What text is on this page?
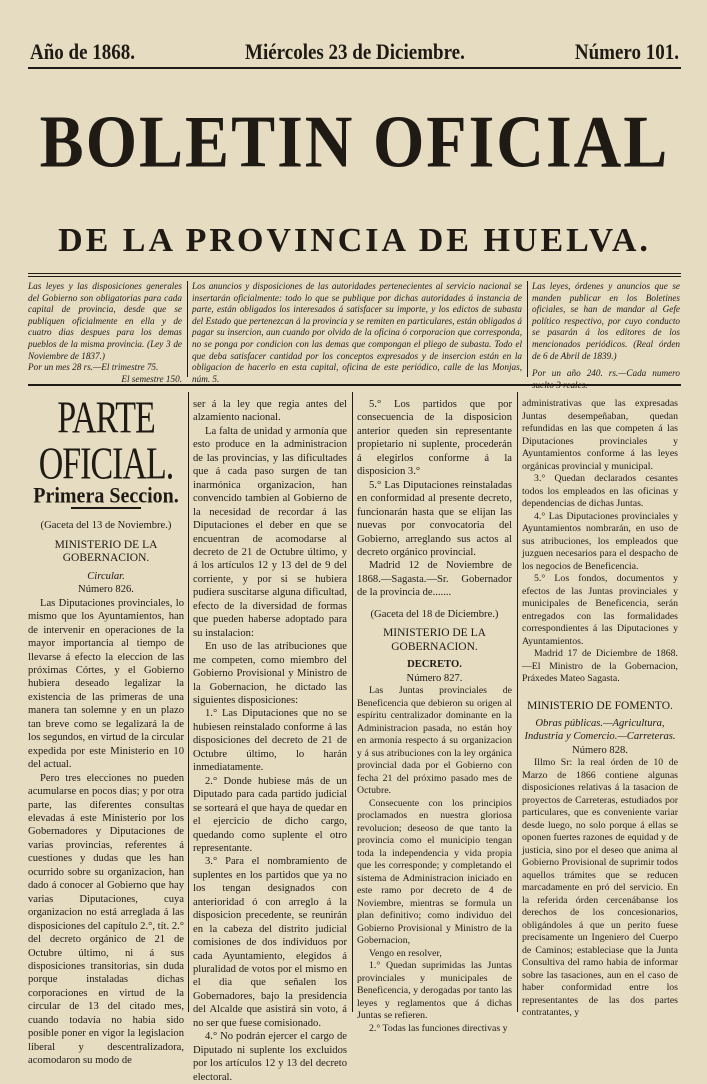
Año de 1868.	Miércoles 23 de Diciembre.	Número 101.
BOLETIN OFICIAL
DE LA PROVINCIA DE HUELVA.
Las leyes y las disposiciones generales del Gobierno son obligatorias para cada capital de provincia, desde que se publiquen oficialmente en ella y de cuatro dias despues para los demas pueblos de la misma provincia. (Ley 3 de Noviembre de 1837.)
Por un mes 28 rs.—El trimestre 75.
El semestre 150.
Los anuncios y disposiciones de las autoridades pertenecientes al servicio nacional se insertarán oficialmente: todo lo que se publique por dichas autoridades á instancia de parte, están obligados los interesados á satisfacer su importe, y los edictos de subasta del Estado que pertenezcan á la provincia y se remiten en particulares, están obligados á pagar su insercion, aun cuando por olvido de la oficina ó corporacion que corresponda, no se ponga por condicion con las demas que compongan el pliego de subasta. Todo el que deba satisfacer cantidad por los conceptos expresados y de insercion están en la obligacion de hacerlo en esta capital, oficina de este periódico, calle de las Monjas, núm. 5.
Las leyes, órdenes y anuncios que se manden publicar en los Boletines oficiales, se han de mandar al Gefe político respectivo, por cuyo conducto se pasarán á los editores de los mencionados periódicos. (Real órden de 6 de Abril de 1839.)
Por un año 240. rs.—Cada numero suelto 3 reales.
PARTE OFICIAL.
Primera Seccion.

(Gaceta del 13 de Noviembre.)

MINISTERIO DE LA GOBERNACION.

Circular.

Número 826.

Las Diputaciones provinciales, lo mismo que los Ayuntamientos, han de intervenir en operaciones de la mayor importancia al tiempo de llevarse á efecto la eleccion de las próximas Córtes, y el Gobierno hubiera deseado legalizar la existencia de las primeras de una manera tan solemne y en un plazo tan breve como se legalizará la de los segundos, en virtud de la circular expedida por este Ministerio en 10 del actual.

Pero tres elecciones no pueden acumularse en pocos dias; y por otra parte, las diferentes consultas elevadas á este Ministerio por los Gobernadores y Diputaciones de varias provincias, referentes á cuestiones y dudas que les han ocurrido sobre su organizacion, han dado á conocer al Gobierno que hay varias Diputaciones, cuya organizacion no está arreglada á las disposiciones del capítulo 2.°, tít. 2.° del decreto orgánico de 21 de Octubre último, ni á sus disposiciones transitorias, sin duda porque instaladas dichas corporaciones en virtud de la circular de 13 del citado mes, cuando todavía no habia sido posible poner en vigor la legislacion liberal y descentralizadora, acomodaron su modo de

ser á la ley que regia antes del alzamiento nacional.

La falta de unidad y armonía que esto produce en la administracion de las provincias, y las dificultades que á cada paso surgen de tan inarmónica organizacion, han convencido tambien al Gobierno de la necesidad de recordar á las Diputaciones el deber en que se encuentran de acomodarse al decreto de 21 de Octubre último, y á los artículos 12 y 13 del de 9 del corriente, y por si se hubiera pudiera suscitarse alguna dificultad, efecto de la diversidad de formas que pueden haberse adoptado para su instalacion:

En uso de las atribuciones que me competen, como miembro del Gobierno Provisional y Ministro de la Gobernacion, he dictado las siguientes disposiciones:

1.° Las Diputaciones que no se hubiesen reinstalado conforme á las disposiciones del decreto de 21 de Octubre último, lo harán inmediatamente.

2.° Donde hubiese más de un Diputado para cada partido judicial se sorteará el que haya de quedar en el ejercicio de dicho cargo, quedando como suplente el otro representante.

3.° Para el nombramiento de suplentes en los partidos que ya no los tengan designados con anterioridad ó con arreglo á la disposicion precedente, se reunirán en la cabeza del distrito judicial comisiones de dos individuos por cada Ayuntamiento, elegidos á pluralidad de votos por el mismo en el dia que señalen los Gobernadores, bajo la presidencia del Alcalde que asistirá sin voto, á no ser que fuese comisionado.

4.° No podrán ejercer el cargo de Diputado ni suplente los excluidos por los artículos 12 y 13 del decreto electoral.

5.° Los partidos que por consecuencia de la disposicion anterior queden sin representante propietario ni suplente, procederán á elegirlos conforme á la disposicion 3.°

5.° Las Diputaciones reinstaladas en conformidad al presente decreto, funcionarán hasta que se elijan las nuevas por convocatoria del Gobierno, arreglando sus actos al decreto orgánico provincial.

Madrid 12 de Noviembre de 1868.—Sagasta.—Sr. Gobernador de la provincia de.......

(Gaceta del 18 de Diciembre.)

MINISTERIO DE LA GOBERNACION.

DECRETO.

Número 827.

Las Juntas provinciales de Beneficencia que debieron su origen al espíritu centralizador dominante en la Administracion pasada, no están hoy en armonía respecto á su organizacion y á sus atribuciones con la ley orgánica provincial dada por el Gobierno con fecha 21 del próximo pasado mes de Octubre.

Consecuente con los principios proclamados en nuestra gloriosa revolucion; deseoso de que tanto la provincia como el municipio tengan toda la independencia y vida propia que les corresponde; y completando el sistema de Administracion iniciado en este ramo por decreto de 4 de Noviembre, mientras se formula un plan definitivo; como individuo del Gobierno Provisional y Ministro de la Gobernacion,

Vengo en resolver,

1.° Quedan suprimidas las Juntas provinciales y municipales de Beneficencia, y derogadas por tanto las leyes y reglamentos que á dichas Juntas se refieren.

2.° Todas las funciones directivas y

administrativas que las expresadas Juntas desempeñaban, quedan refundidas en las que competen á las Diputaciones provinciales y Ayuntamientos conforme á las leyes orgánicas provincial y municipal.

3.° Quedan declarados cesantes todos los empleados en las oficinas y dependencias de dichas Juntas.

4.° Las Diputaciones provinciales y Ayuntamientos nombrarán, en uso de sus atribuciones, los empleados que juzguen necesarios para el despacho de los negocios de Beneficencia.

5.° Los fondos, documentos y efectos de las Juntas provinciales y municipales de Beneficencia, serán entregados con las formalidades correspondientes á las Diputaciones y Ayuntamientos.

Madrid 17 de Diciembre de 1868. —El Ministro de la Gobernacion, Práxedes Mateo Sagasta.

MINISTERIO DE FOMENTO.

Obras públicas.—Agricultura, Industria y Comercio.—Carreteras.

Número 828.

Illmo Sr: la real órden de 10 de Marzo de 1866 contiene algunas disposiciones relativas á la tasacion de proyectos de Carreteras, estudiados por particulares, que es conveniente variar desde luego, no solo porque á ellas se oponen fuertes razones de equidad y de justicia, sino por el deseo que anima al Gobierno Provisional de suprimir todos aquellos trámites que se reducen marcadamente en pró del servicio. En la referida órden cercenábanse los derechos de los concesionarios, obligándoles á que un perito fuese precisamente un Ingeniero del Cuerpo de Caminos; estableciase que la Junta Consultiva del ramo habia de informar sobre las tasaciones, aun en el caso de haber conformidad entre los representantes de las dos partes contratantes, y
